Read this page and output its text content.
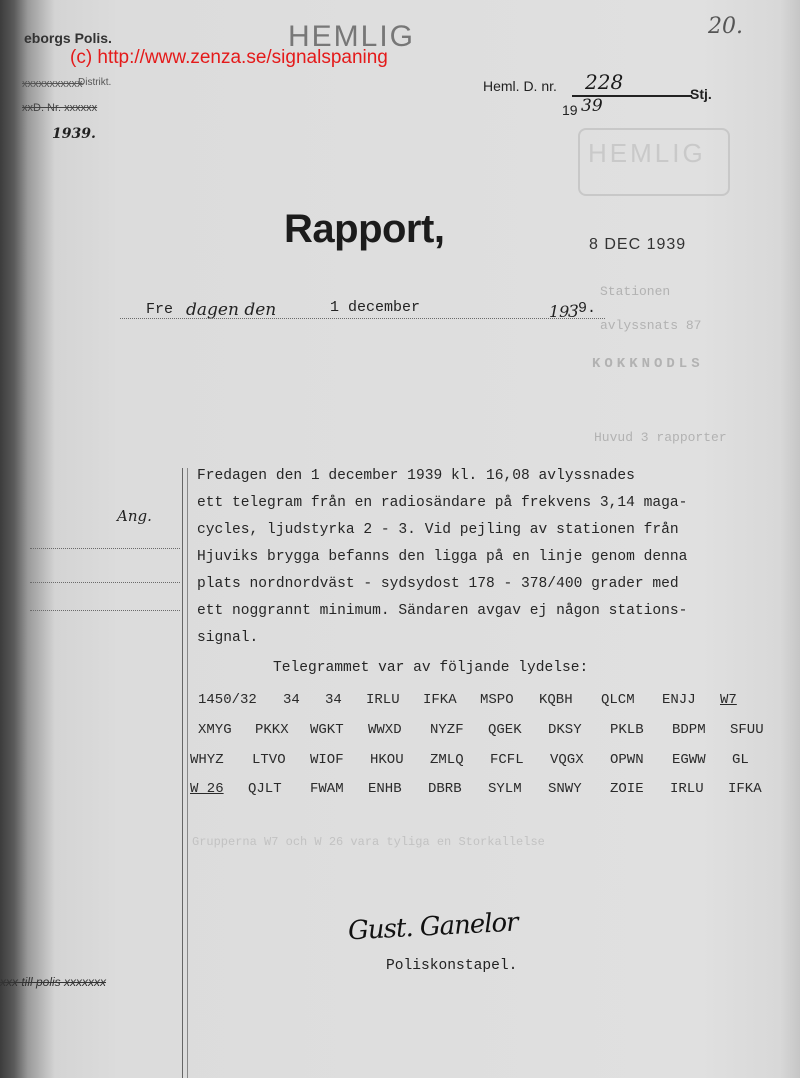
(c) http://www.zenza.se/signalspaning
20.
HEMLIG
eborgs Polis.
Distrikt.
xxxxxxxxxxx
xxD. Nr. xxxxxx
1939.
Heml. D. nr. 228	Stj.
19 39
HEMLIG
Rapport,	8 DEC 1939
Fre dagen den	1 december	19
3 9.
Stationen
avlyssnats 87
KOKKNODLS
Huvud 3 rapporter
Ang.
Fredagen den 1 december 1939 kl. 16,08 avlyssnades
ett telegram från en radiosändare på frekvens 3,14 maga-
cycles, ljudstyrka 2 - 3. Vid pejling av stationen från
Hjuviks brygga befanns den ligga på en linje genom denna
plats nordnordväst - sydsydost 178 - 378/400 grader med
ett noggrannt minimum. Sändaren avgav ej någon stations-
signal.
Telegrammet var av följande lydelse:
1450/32 34 34 IRLU IFKA MSPO KQBH QLCM ENJJ W7
XMYG PKKX WGKT WWXD NYZF QGEK DKSY PKLB BDPM SFUU
WHYZ LTVO WIOF HKOU ZMLQ FCFL VQGX OPWN EGWW GL
W 26 QJLT FWAM ENHB DBRB SYLM SNWY ZOIE IRLU IFKA
Grupperna W7 och W 26 vara tyliga en Storkallelse
Gust. Ganelor
Poliskonstapel.
xxx till polis xxxxxxx
